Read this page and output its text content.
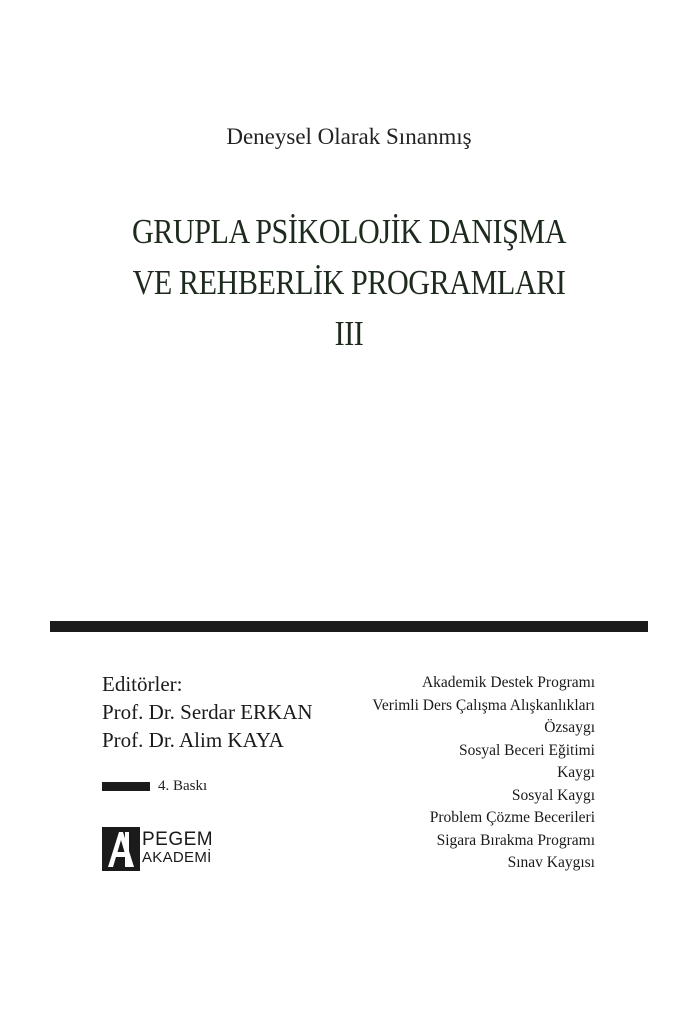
Deneysel Olarak Sınanmış
GRUPLA PSİKOLOJİK DANIŞMA
VE REHBERLİK PROGRAMLARI
III
Editörler:
Prof. Dr. Serdar ERKAN
Prof. Dr. Alim KAYA
4. Baskı
PEGEM
AKADEMİ
Akademik Destek Programı
Verimli Ders Çalışma Alışkanlıkları
Özsaygı
Sosyal Beceri Eğitimi
Kaygı
Sosyal Kaygı
Problem Çözme Becerileri
Sigara Bırakma Programı
Sınav Kaygısı
